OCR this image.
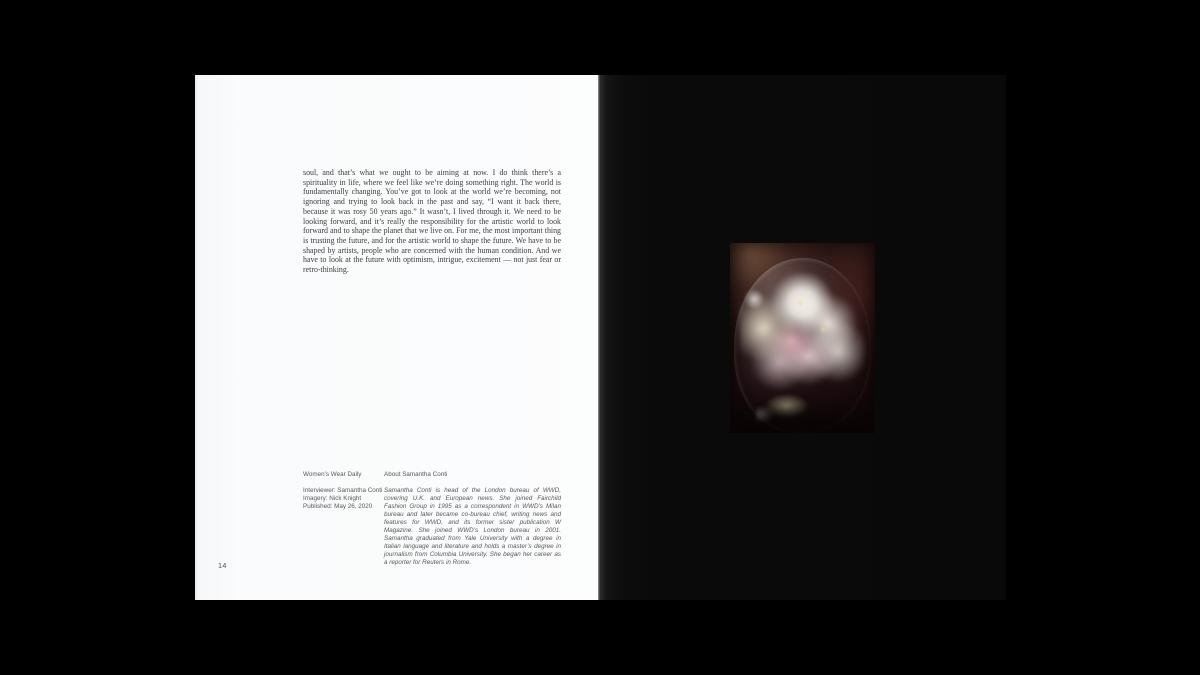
soul, and that’s what we ought to be aiming at now. I do think there’s a spirituality in life, where we feel like we’re doing something right. The world is fundamentally changing. You’ve got to look at the world we’re becoming, not ignoring and trying to look back in the past and say, “I want it back there, because it was rosy 50 years ago.” It wasn’t, I lived through it. We need to be looking forward, and it’s really the responsibility for the artistic world to look forward and to shape the planet that we live on. For me, the most important thing is trusting the future, and for the artistic world to shape the future. We have to be shaped by artists, people who are concerned with the human condition. And we have to look at the future with optimism, intrigue, excitement — not just fear or retro-thinking.
Women’s Wear Daily
Interviewer: Samantha Conti
Imagery: Nick Knight
Published: May 26, 2020
About Samantha Conti
Samantha Conti is head of the London bureau of WWD, covering U.K. and European news. She joined Fairchild Fashion Group in 1995 as a correspondent in WWD’s Milan bureau and later became co-bureau chief, writing news and features for WWD, and its former sister publication W Magazine. She joined WWD’s London bureau in 2001. Samantha graduated from Yale University with a degree in Italian language and literature and holds a master’s degree in journalism from Columbia University. She began her career as a reporter for Reuters in Rome.
14
